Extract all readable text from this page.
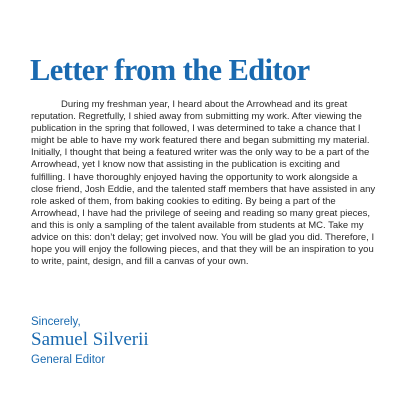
Letter from the Editor

During my freshman year, I heard about the Arrowhead and its great reputation. Regretfully, I shied away from submitting my work. After viewing the publication in the spring that followed, I was determined to take a chance that I might be able to have my work featured there and began submitting my material. Initially, I thought that being a featured writer was the only way to be a part of the Arrowhead, yet I know now that assisting in the publication is exciting and fulfilling. I have thoroughly enjoyed having the opportunity to work alongside a close friend, Josh Eddie, and the talented staff members that have assisted in any role asked of them, from baking cookies to editing. By being a part of the Arrowhead, I have had the privilege of seeing and reading so many great pieces, and this is only a sampling of the talent available from students at MC. Take my advice on this: don’t delay; get involved now. You will be glad you did. Therefore, I hope you will enjoy the following pieces, and that they will be an inspiration to you to write, paint, design, and fill a canvas of your own.

Sincerely,
Samuel Silverii
General Editor
